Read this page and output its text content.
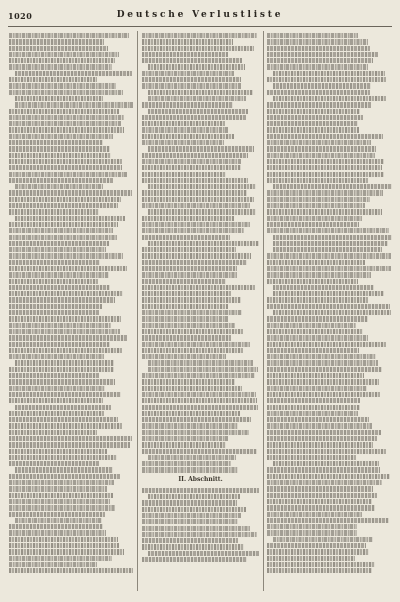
1020	Deutsche Verlustliste
II. Abschnitt.
